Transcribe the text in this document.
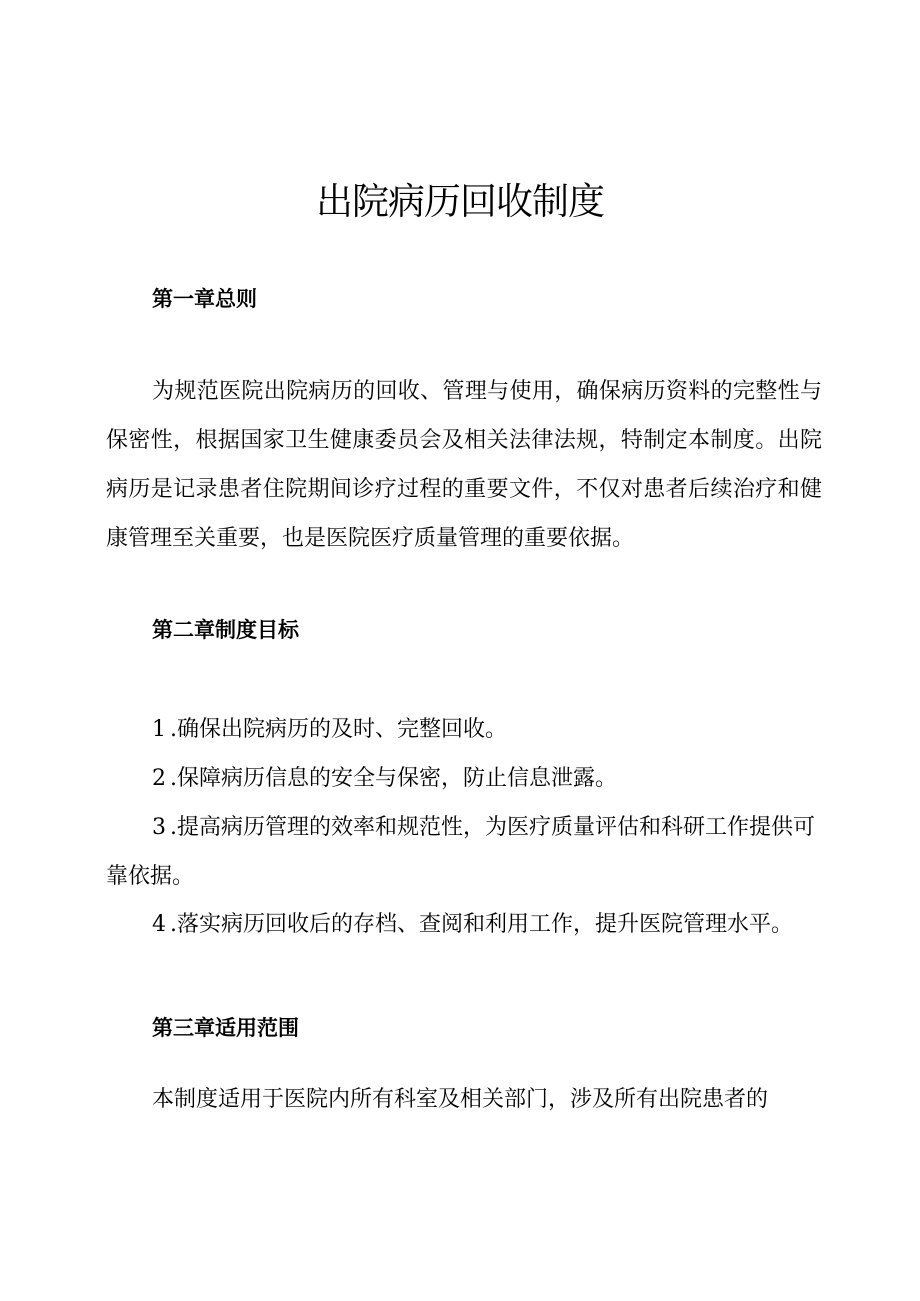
出院病历回收制度
第一章总则

为规范医院出院病历的回收、管理与使用，确保病历资料的完整性与保密性，根据国家卫生健康委员会及相关法律法规，特制定本制度。出院病历是记录患者住院期间诊疗过程的重要文件，不仅对患者后续治疗和健康管理至关重要，也是医院医疗质量管理的重要依据。

第二章制度目标

1 .确保出院病历的及时、完整回收。

2 .保障病历信息的安全与保密，防止信息泄露。

3 .提高病历管理的效率和规范性，为医疗质量评估和科研工作提供可靠依据。

4 .落实病历回收后的存档、查阅和利用工作，提升医院管理水平。

第三章适用范围

本制度适用于医院内所有科室及相关部门，涉及所有出院患者的
